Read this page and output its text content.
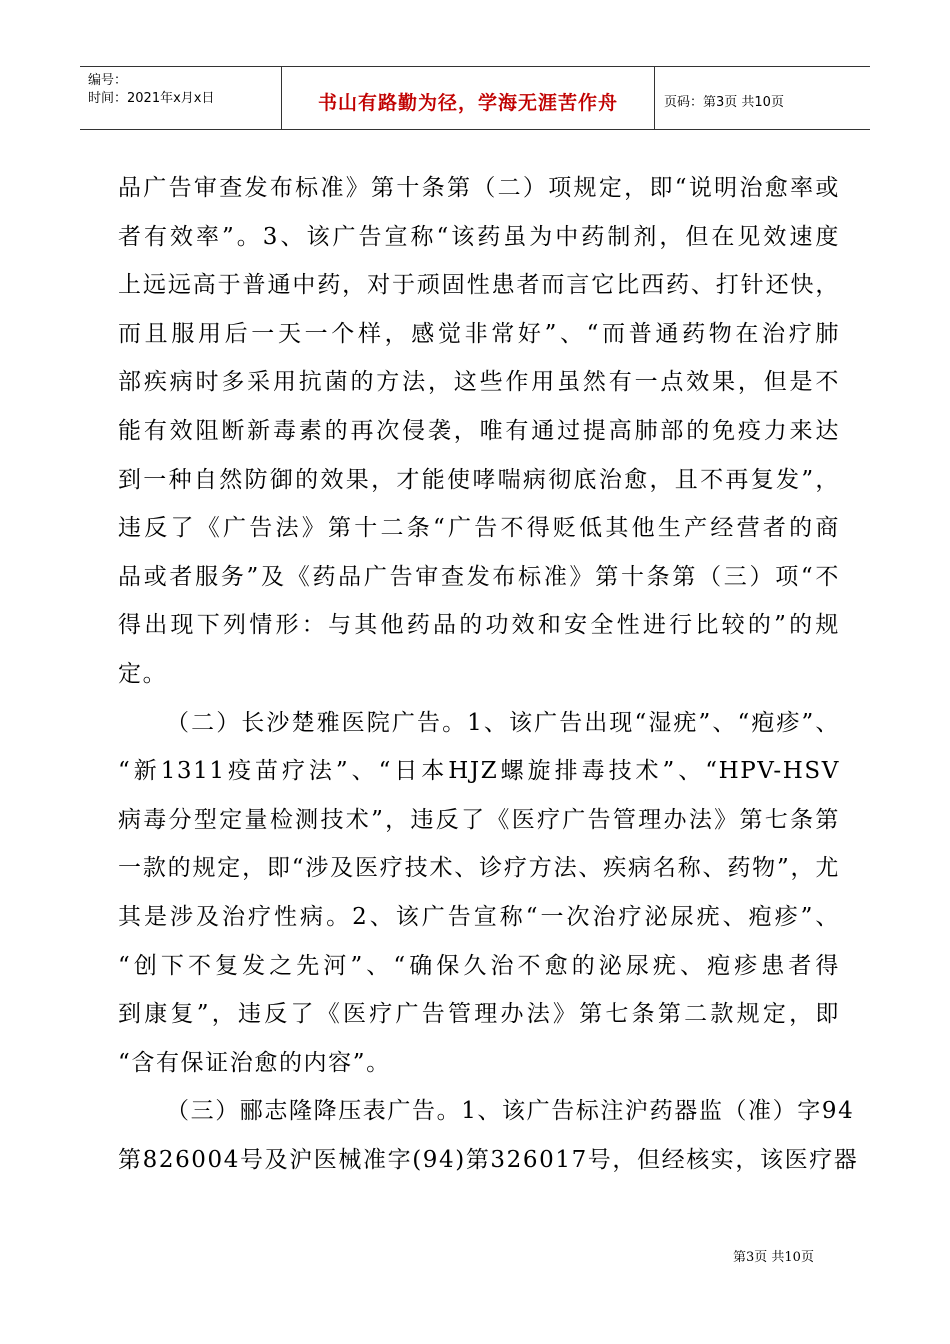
编号：
时间：2021年x月x日	书山有路勤为径，学海无涯苦作舟	页码：第3页 共10页
品广告审查发布标准》第十条第（二）项规定，即“说明治愈率或
者有效率”。3、该广告宣称“该药虽为中药制剂，但在见效速度
上远远高于普通中药，对于顽固性患者而言它比西药、打针还快，
而且服用后一天一个样，感觉非常好”、“而普通药物在治疗肺
部疾病时多采用抗菌的方法，这些作用虽然有一点效果，但是不
能有效阻断新毒素的再次侵袭，唯有通过提高肺部的免疫力来达
到一种自然防御的效果，才能使哮喘病彻底治愈，且不再复发”，
违反了《广告法》第十二条“广告不得贬低其他生产经营者的商
品或者服务”及《药品广告审查发布标准》第十条第（三）项“不
得出现下列情形：与其他药品的功效和安全性进行比较的”的规
定。
（二）长沙楚雅医院广告。1、该广告出现“湿疣”、“疱疹”、
“新1311疫苗疗法”、“日本HJZ螺旋排毒技术”、“HPV-HSV
病毒分型定量检测技术”，违反了《医疗广告管理办法》第七条第
一款的规定，即“涉及医疗技术、诊疗方法、疾病名称、药物”，尤
其是涉及治疗性病。2、该广告宣称“一次治疗泌尿疣、疱疹”、
“创下不复发之先河”、“确保久治不愈的泌尿疣、疱疹患者得
到康复”，违反了《医疗广告管理办法》第七条第二款规定，即
“含有保证治愈的内容”。
（三）郦志隆降压表广告。1、该广告标注沪药器监（准）字94
第826004号及沪医械准字(94)第326017号，但经核实，该医疗器
第3页 共10页
